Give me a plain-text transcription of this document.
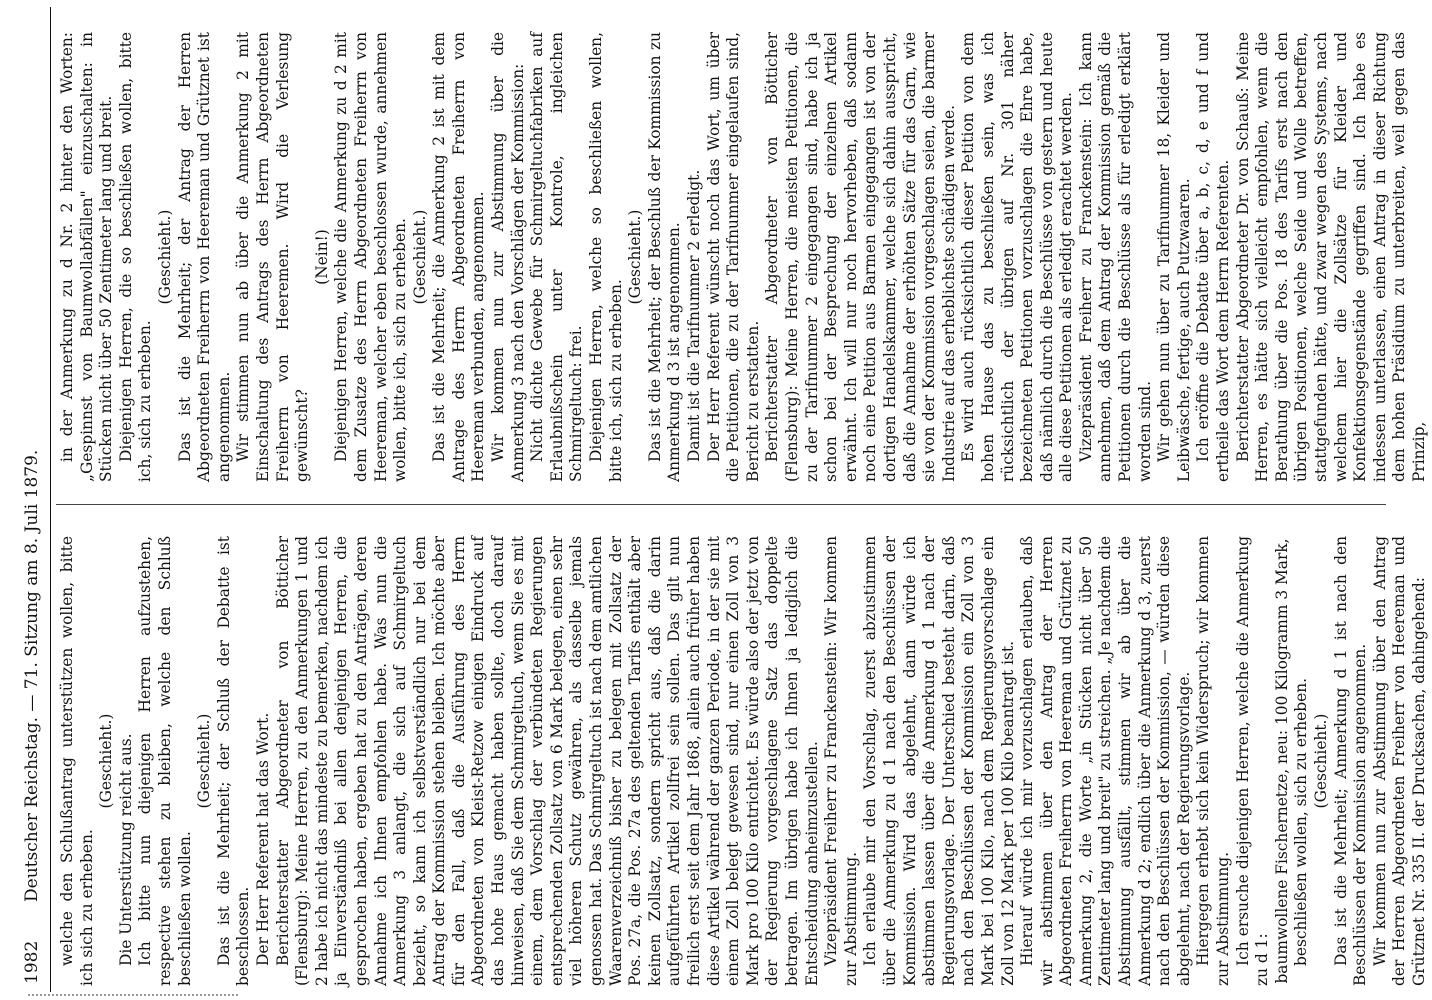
1982
Deutscher Reichstag. — 71. Sitzung am 8. Juli 1879. welche den Schlußantrag unterstützen wollen, bitte ich sich zu erheben.

(Geschieht.) Die Unterstützung reicht aus. Ich bitte nun diejenigen Herren aufzustehen, respective stehen zu bleiben, welche den Schluß beschließen wollen.

(Geschieht.) Das ist die Mehrheit; der Schluß der Debatte ist beschlossen. Der Herr Referent hat das Wort. Berichterstatter Abgeordneter von Bötticher (Flensburg): Meine Herren, zu den Anmerkungen 1 und 2 habe ich nicht das mindeste zu bemerken, nachdem ich ja Einverständniß bei allen denjenigen Herren, die gesprochen haben, ergeben hat zu den Anträgen, deren Annahme ich Ihnen empfohlen habe. Was nun die Anmerkung 3 anlangt, die sich auf Schmirgeltuch bezieht, so kann ich selbstverständlich nur bei dem Antrag der Kommission stehen bleiben. Ich möchte aber für den Fall, daß die Ausführung des Herrn Abgeordneten von Kleist-Retzow einigen Eindruck auf das hohe Haus gemacht haben sollte, doch darauf hinweisen, daß Sie dem Schmirgeltuch, wenn Sie es mit einem, dem Vorschlag der verbündeten Regierungen entsprechenden Zollsatz von 6 Mark belegen, einen sehr viel höheren Schutz gewähren, als dasselbe jemals genossen hat. Das Schmirgeltuch ist nach dem amtlichen Waarenverzeichniß bisher zu belegen mit Zollsatz der Pos. 27a, die Pos. 27a des geltenden Tarifs enthält aber keinen Zollsatz, sondern spricht aus, daß die darin aufgeführten Artikel zollfrei sein sollen. Das gilt nun freilich erst seit dem Jahr 1868, allein auch früher haben diese Artikel während der ganzen Periode, in der sie mit einem Zoll belegt gewesen sind, nur einen Zoll von 3 Mark pro 100 Kilo entrichtet. Es würde also der jetzt von der Regierung vorgeschlagene Satz das doppelte betragen. Im übrigen habe ich Ihnen ja lediglich die Entscheidung anheimzustellen. Vizepräsident Freiherr zu Franckenstein: Wir kommen zur Abstimmung. Ich erlaube mir den Vorschlag, zuerst abzustimmen über die Anmerkung zu d 1 nach den Beschlüssen der Kommission. Wird das abgelehnt, dann würde ich abstimmen lassen über die Anmerkung d 1 nach der Regierungsvorlage. Der Unterschied besteht darin, daß nach den Beschlüssen der Kommission ein Zoll von 3 Mark bei 100 Kilo, nach dem Regierungsvorschlage ein Zoll von 12 Mark per 100 Kilo beantragt ist. Hierauf würde ich mir vorzuschlagen erlauben, daß wir abstimmen über den Antrag der Herren Abgeordneten Freiherrn von Heereman und Grütznet zu Anmerkung 2, die Worte „in Stücken nicht über 50 Zentimeter lang und breit" zu streichen. „Je nachdem die Abstimmung ausfällt, stimmen wir ab über die Anmerkung d 2; endlich über die Anmerkung d 3, zuerst nach den Beschlüssen der Kommission, — würden diese abgelehnt, nach der Regierungsvorlage. Hiergegen erhebt sich kein Widerspruch; wir kommen zur Abstimmung. Ich ersuche diejenigen Herren, welche die Anmerkung zu d 1: baumwollene Fischernetze, neu: 100 Kilogramm 3 Mark, beschließen wollen, sich zu erheben. (Geschieht.) Das ist die Mehrheit; Anmerkung d 1 ist nach den Beschlüssen der Kommission angenommen. Wir kommen nun zur Abstimmung über den Antrag der Herren Abgeordneten Freiherr von Heereman und Grütznet Nr. 335 II. der Drucksachen, dahingehend:

in der Anmerkung zu d Nr. 2 hinter den Worten: „Gespinnst von Baumwollabfällen" einzuschalten: in Stücken nicht über 50 Zentimeter lang und breit. Diejenigen Herren, die so beschließen wollen, bitte ich, sich zu erheben.

(Geschieht.) Das ist die Mehrheit; der Antrag der Herren Abgeordneten Freiherrn von Heereman und Grütznet ist angenommen. Wir stimmen nun ab über die Anmerkung 2 mit Einschaltung des Antrags des Herrn Abgeordneten Freiherrn von Heeremen. Wird die Verlesung gewünscht?

(Nein!) Diejenigen Herren, welche die Anmerkung zu d 2 mit dem Zusatze des Herrn Abgeordneten Freiherrn von Heereman, welcher eben beschlossen wurde, annehmen wollen, bitte ich, sich zu erheben. (Geschieht.) Das ist die Mehrheit; die Anmerkung 2 ist mit dem Antrage des Herrn Abgeordneten Freiherrn von Heereman verbunden, angenommen. Wir kommen nun zur Abstimmung über die Anmerkung 3 nach den Vorschlägen der Kommission: Nicht dichte Gewebe für Schmirgeltuchfabriken auf Erlaubnißschein unter Kontrole, ingleichen Schmirgeltuch: frei. Diejenigen Herren, welche so beschließen wollen, bitte ich, sich zu erheben.

(Geschieht.) Das ist die Mehrheit; der Beschluß der Kommission zu Anmerkung d 3 ist angenommen. Damit ist die Tarifnummer 2 erledigt. Der Herr Referent wünscht noch das Wort, um über die Petitionen, die zu der Tarifnummer eingelaufen sind, Bericht zu erstatten. Berichterstatter Abgeordneter von Bötticher (Flensburg): Meine Herren, die meisten Petitionen, die zu der Tarifnummer 2 eingegangen sind, habe ich ja schon bei der Besprechung der einzelnen Artikel erwähnt. Ich will nur noch hervorheben, daß sodann noch eine Petition aus Barmen eingegangen ist von der dortigen Handelskammer, welche sich dahin ausspricht, daß die Annahme der erhöhten Sätze für das Garn, wie sie von der Kommission vorgeschlagen seien, die barmer Industrie auf das erheblichste schädigen werde. Es wird auch rücksichtlich dieser Petition von dem hohen Hause das zu beschließen sein, was ich rücksichtlich der übrigen auf Nr. 301 näher bezeichneten Petitionen vorzuschlagen die Ehre habe, daß nämlich durch die Beschlüsse von gestern und heute alle diese Petitionen als erledigt erachtet werden. Vizepräsident Freiherr zu Franckenstein: Ich kann annehmen, daß dem Antrag der Kommission gemäß die Petitionen durch die Beschlüsse als für erledigt erklärt worden sind. Wir gehen nun über zu Tarifnummer 18, Kleider und Leibwäsche, fertige, auch Putzwaaren. Ich eröffne die Debatte über a, b, c, d, e und f und ertheile das Wort dem Herrn Referenten. Berichterstatter Abgeordneter Dr. von Schauß: Meine Herren, es hätte sich vielleicht empfohlen, wenn die Berathung über die Pos. 18 des Tarifs erst nach den übrigen Positionen, welche Seide und Wolle betreffen, stattgefunden hätte, und zwar wegen des Systems, nach welchem hier die Zollsätze für Kleider und Konfektionsgegenstände gegriffen sind. Ich habe es indessen unterlassen, einen Antrag in dieser Richtung dem hohen Präsidium zu unterbreiten, weil gegen das Prinzip,
